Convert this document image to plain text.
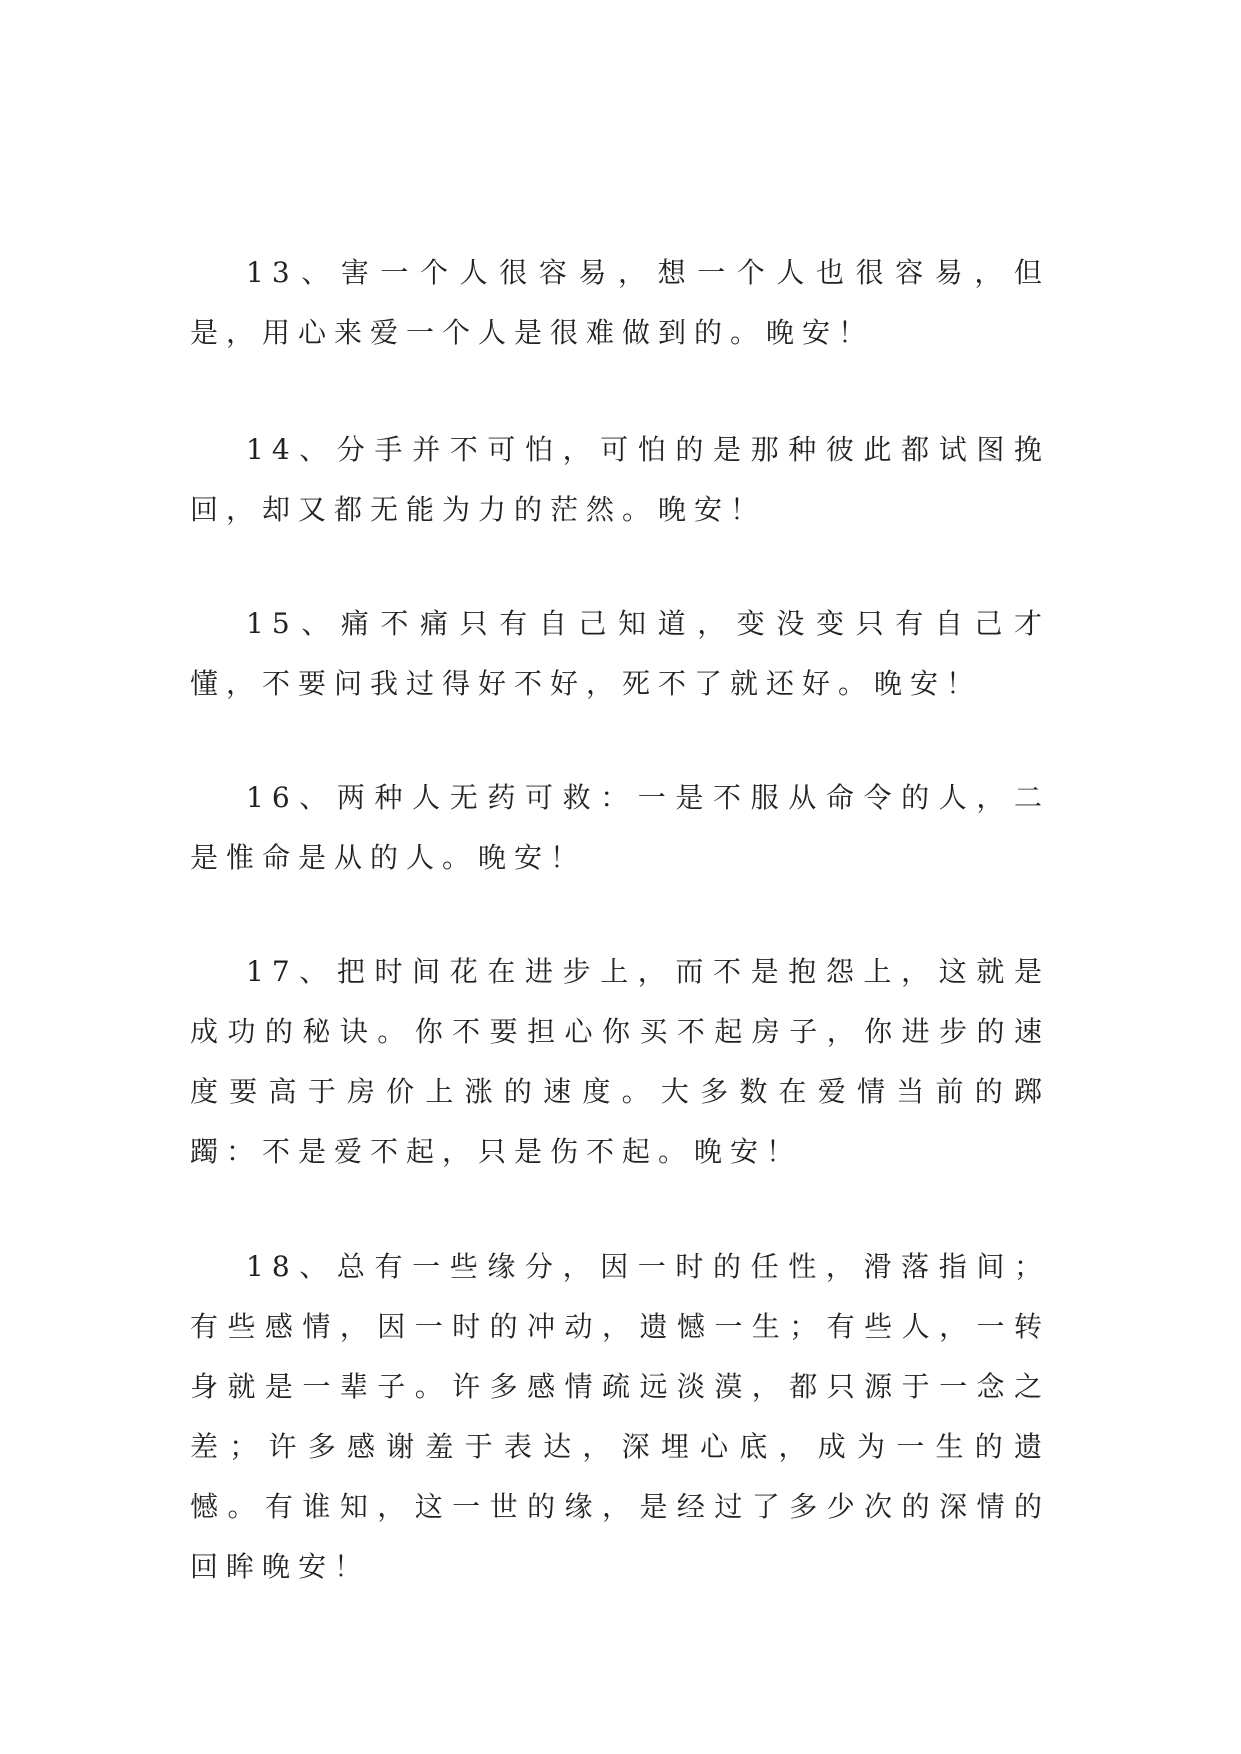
13、害一个人很容易，想一个人也很容易，但是，用心来爱一个人是很难做到的。晚安！

14、分手并不可怕，可怕的是那种彼此都试图挽回，却又都无能为力的茫然。晚安！

15、痛不痛只有自己知道，变没变只有自己才懂，不要问我过得好不好，死不了就还好。晚安！

16、两种人无药可救：一是不服从命令的人，二是惟命是从的人。晚安！

17、把时间花在进步上，而不是抱怨上，这就是成功的秘诀。你不要担心你买不起房子，你进步的速度要高于房价上涨的速度。大多数在爱情当前的踯躅：不是爱不起，只是伤不起。晚安！

18、总有一些缘分，因一时的任性，滑落指间；有些感情，因一时的冲动，遗憾一生；有些人，一转身就是一辈子。许多感情疏远淡漠，都只源于一念之差；许多感谢羞于表达，深埋心底，成为一生的遗憾。有谁知，这一世的缘，是经过了多少次的深情的回眸晚安！
